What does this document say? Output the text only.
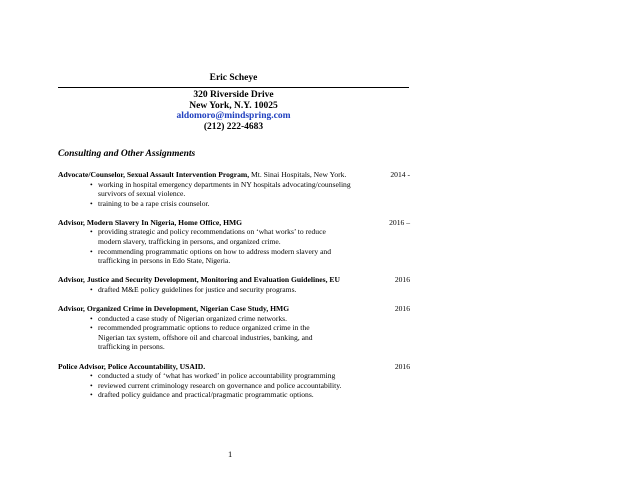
Eric Scheye
320 Riverside Drive
New York, N.Y. 10025
aldomoro@mindspring.com
(212) 222-4683
Consulting and Other Assignments
Advocate/Counselor, Sexual Assault Intervention Program, Mt. Sinai Hospitals, New York.	2014 -
• working in hospital emergency departments in NY hospitals advocating/counseling
survivors of sexual violence.
• training to be a rape crisis counselor.
Advisor, Modern Slavery In Nigeria, Home Office, HMG	2016 –
• providing strategic and policy recommendations on ‘what works’ to reduce
modern slavery, trafficking in persons, and organized crime.
• recommending programmatic options on how to address modern slavery and
trafficking in persons in Edo State, Nigeria.
Advisor, Justice and Security Development, Monitoring and Evaluation Guidelines, EU	2016
• drafted M&E policy guidelines for justice and security programs.
Advisor, Organized Crime in Development, Nigerian Case Study, HMG	2016
• conducted a case study of Nigerian organized crime networks.
• recommended programmatic options to reduce organized crime in the
Nigerian tax system, offshore oil and charcoal industries, banking, and
trafficking in persons.
Police Advisor, Police Accountability, USAID.	2016
• conducted a study of ‘what has worked’ in police accountability programming
• reviewed current criminology research on governance and police accountability.
• drafted policy guidance and practical/pragmatic programmatic options.
1
